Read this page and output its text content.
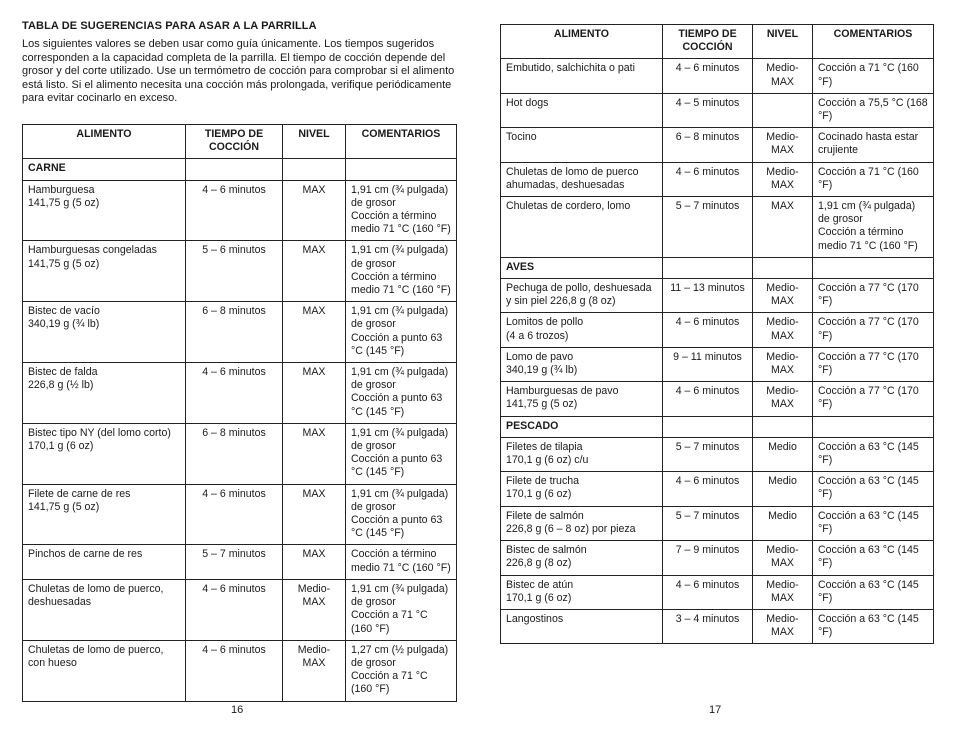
TABLA DE SUGERENCIAS PARA ASAR A LA PARRILLA
Los siguientes valores se deben usar como guía únicamente. Los tiempos sugeridos corresponden a la capacidad completa de la parrilla. El tiempo de cocción depende del grosor y del corte utilizado. Use un termómetro de cocción para comprobar si el alimento está listo. Si el alimento necesita una cocción más prolongada, verifique periódicamente para evitar cocinarlo en exceso.
ALIMENTO	TIEMPO DE COCCIÓN	NIVEL	COMENTARIOS
CARNE			

Hamburguesa
141,75 g (5 oz)	4 – 6 minutos	MAX	1,91 cm (¾ pulgada) de grosor
Cocción a término medio 71 °C (160 °F)

Hamburguesas congeladas
141,75 g (5 oz)	5 – 6 minutos	MAX	1,91 cm (¾ pulgada) de grosor
Cocción a término medio 71 °C (160 °F)

Bistec de vacío
340,19 g (¾ lb)	6 – 8 minutos	MAX	1,91 cm (¾ pulgada) de grosor
Cocción a punto 63 °C (145 °F)

Bistec de falda
226,8 g (½ lb)	4 – 6 minutos	MAX	1,91 cm (¾ pulgada) de grosor
Cocción a punto 63 °C (145 °F)

Bistec tipo NY (del lomo corto)
170,1 g (6 oz)	6 – 8 minutos	MAX	1,91 cm (¾ pulgada) de grosor
Cocción a punto 63 °C (145 °F)

Filete de carne de res
141,75 g (5 oz)	4 – 6 minutos	MAX	1,91 cm (¾ pulgada) de grosor
Cocción a punto 63 °C (145 °F)

Pinchos de carne de res	5 – 7 minutos	MAX	Cocción a término medio 71 °C (160 °F)

Chuletas de lomo de puerco, deshuesadas	4 – 6 minutos	Medio-MAX	1,91 cm (¾ pulgada) de grosor
Cocción a 71 °C (160 °F)

Chuletas de lomo de puerco, con hueso	4 – 6 minutos	Medio-MAX	1,27 cm (½ pulgada) de grosor
Cocción a 71 °C (160 °F)
ALIMENTO	TIEMPO DE COCCIÓN	NIVEL	COMENTARIOS

Embutido, salchichita o pati	4 – 6 minutos	Medio-MAX	Cocción a 71 °C (160 °F)

Hot dogs	4 – 5 minutos		Cocción a 75,5 °C (168 °F)

Tocino	6 – 8 minutos	Medio-MAX	Cocinado hasta estar crujiente

Chuletas de lomo de puerco ahumadas, deshuesadas	4 – 6 minutos	Medio-MAX	Cocción a 71 °C (160 °F)

Chuletas de cordero, lomo	5 – 7 minutos	MAX	1,91 cm (¾ pulgada) de grosor
Cocción a término medio 71 °C (160 °F)

AVES			

Pechuga de pollo, deshuesada y sin piel 226,8 g (8 oz)	11 – 13 minutos	Medio-MAX	Cocción a 77 °C (170 °F)

Lomitos de pollo
(4 a 6 trozos)	4 – 6 minutos	Medio-MAX	Cocción a 77 °C (170 °F)

Lomo de pavo
340,19 g (¾ lb)	9 – 11 minutos	Medio-MAX	Cocción a 77 °C (170 °F)

Hamburguesas de pavo
141,75 g (5 oz)	4 – 6 minutos	Medio-MAX	Cocción a 77 °C (170 °F)

PESCADO			

Filetes de tilapia
170,1 g (6 oz) c/u	5 – 7 minutos	Medio	Cocción a 63 °C (145 °F)

Filete de trucha
170,1 g (6 oz)	4 – 6 minutos	Medio	Cocción a 63 °C (145 °F)

Filete de salmón
226,8 g (6 – 8 oz) por pieza	5 – 7 minutos	Medio	Cocción a 63 °C (145 °F)

Bistec de salmón
226,8 g (8 oz)	7 – 9 minutos	Medio-MAX	Cocción a 63 °C (145 °F)

Bistec de atún
170,1 g (6 oz)	4 – 6 minutos	Medio-MAX	Cocción a 63 °C (145 °F)

Langostinos	3 – 4 minutos	Medio-MAX	Cocción a 63 °C (145 °F)
16	17
